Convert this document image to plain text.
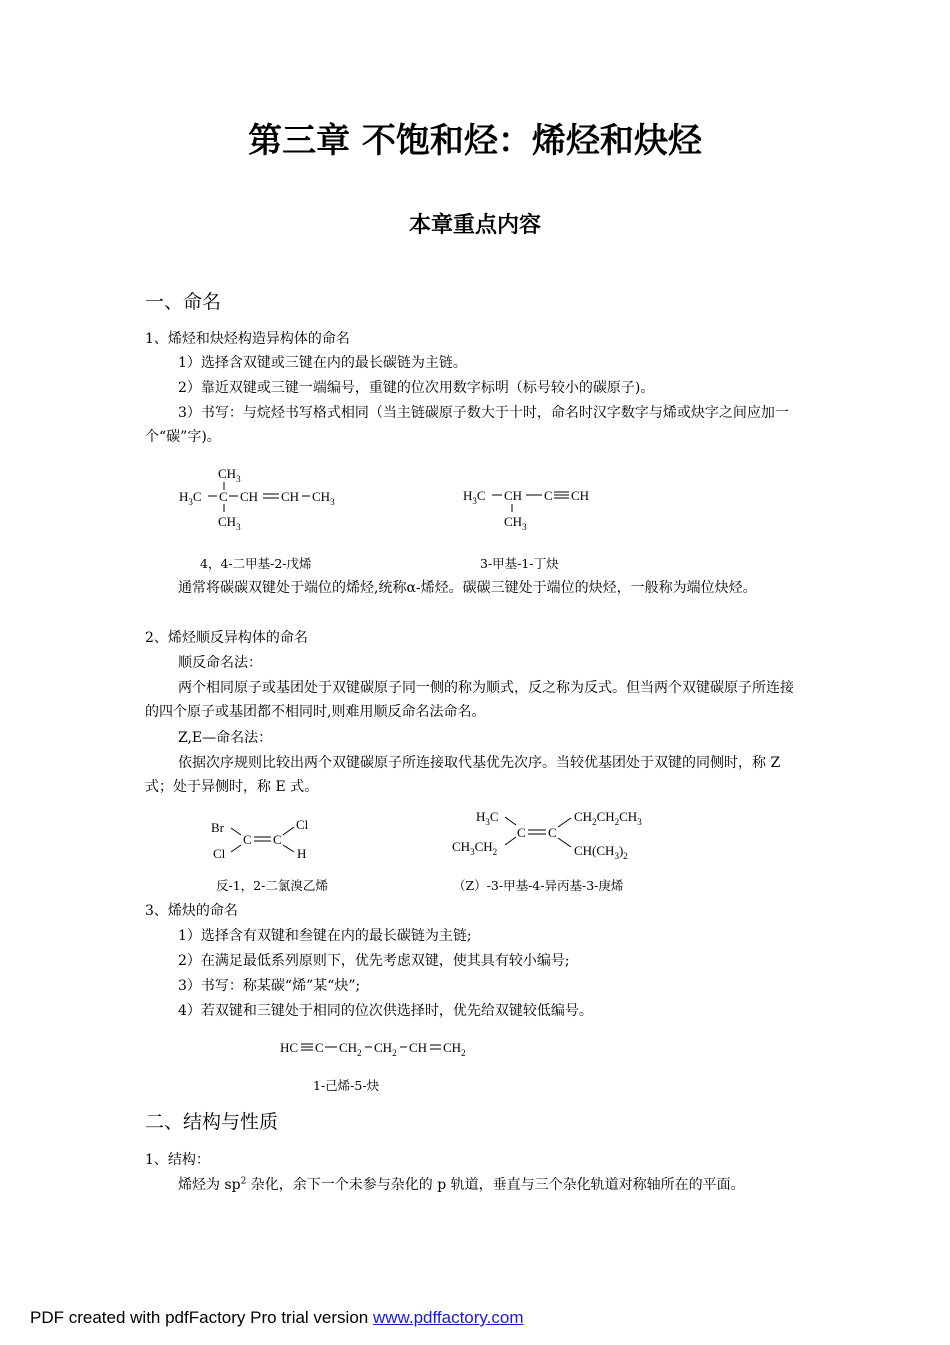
第三章 不饱和烃：烯烃和炔烃
本章重点内容

一、命名

1、烯烃和炔烃构造异构体的命名

1）选择含双键或三键在内的最长碳链为主链。

2）靠近双键或三键一端编号，重键的位次用数字标明（标号较小的碳原子)。

3）书写：与烷烃书写格式相同（当主链碳原子数大于十时，命名时汉字数字与烯或炔字之间应加一个“碳”字)。

$CH_3$
$H_3C$ C CH CH $CH_3$
$CH_3$
$H_3C$ CH C CH
$CH_3$

4，4-二甲基-2-戊烯	3-甲基-1-丁炔

通常将碳碳双键处于端位的烯烃,统称α-烯烃。碳碳三键处于端位的炔烃，一般称为端位炔烃。

2、烯烃顺反异构体的命名

顺反命名法：

两个相同原子或基团处于双键碳原子同一侧的称为顺式，反之称为反式。但当两个双键碳原子所连接的四个原子或基团都不相同时,则难用顺反命名法命名。

Z,E—命名法：

依据次序规则比较出两个双键碳原子所连接取代基优先次序。当较优基团处于双键的同侧时，称 Z 式；处于异侧时，称 E 式。

Br
Cl
C C
Cl
H
$H_3C$
$CH_3CH_2$
C C
$CH_2CH_2CH_3$
$CH(CH_3)_2$

反-1，2-二氯溴乙烯	（Z）-3-甲基-4-异丙基-3-庚烯

3、烯炔的命名

1）选择含有双键和叁键在内的最长碳链为主链;

2）在满足最低系列原则下，优先考虑双键，使其具有较小编号;

3）书写：称某碳“烯”某“炔”;

4）若双键和三键处于相同的位次供选择时，优先给双键较低编号。

HC C $CH_2$ $CH_2$ CH $CH_2$

1-己烯-5-炔

二、结构与性质

1、结构：

烯烃为 $sp^2$ 杂化，余下一个未参与杂化的 p 轨道，垂直与三个杂化轨道对称轴所在的平面。

PDF created with pdfFactory Pro trial version www.pdffactory.com
